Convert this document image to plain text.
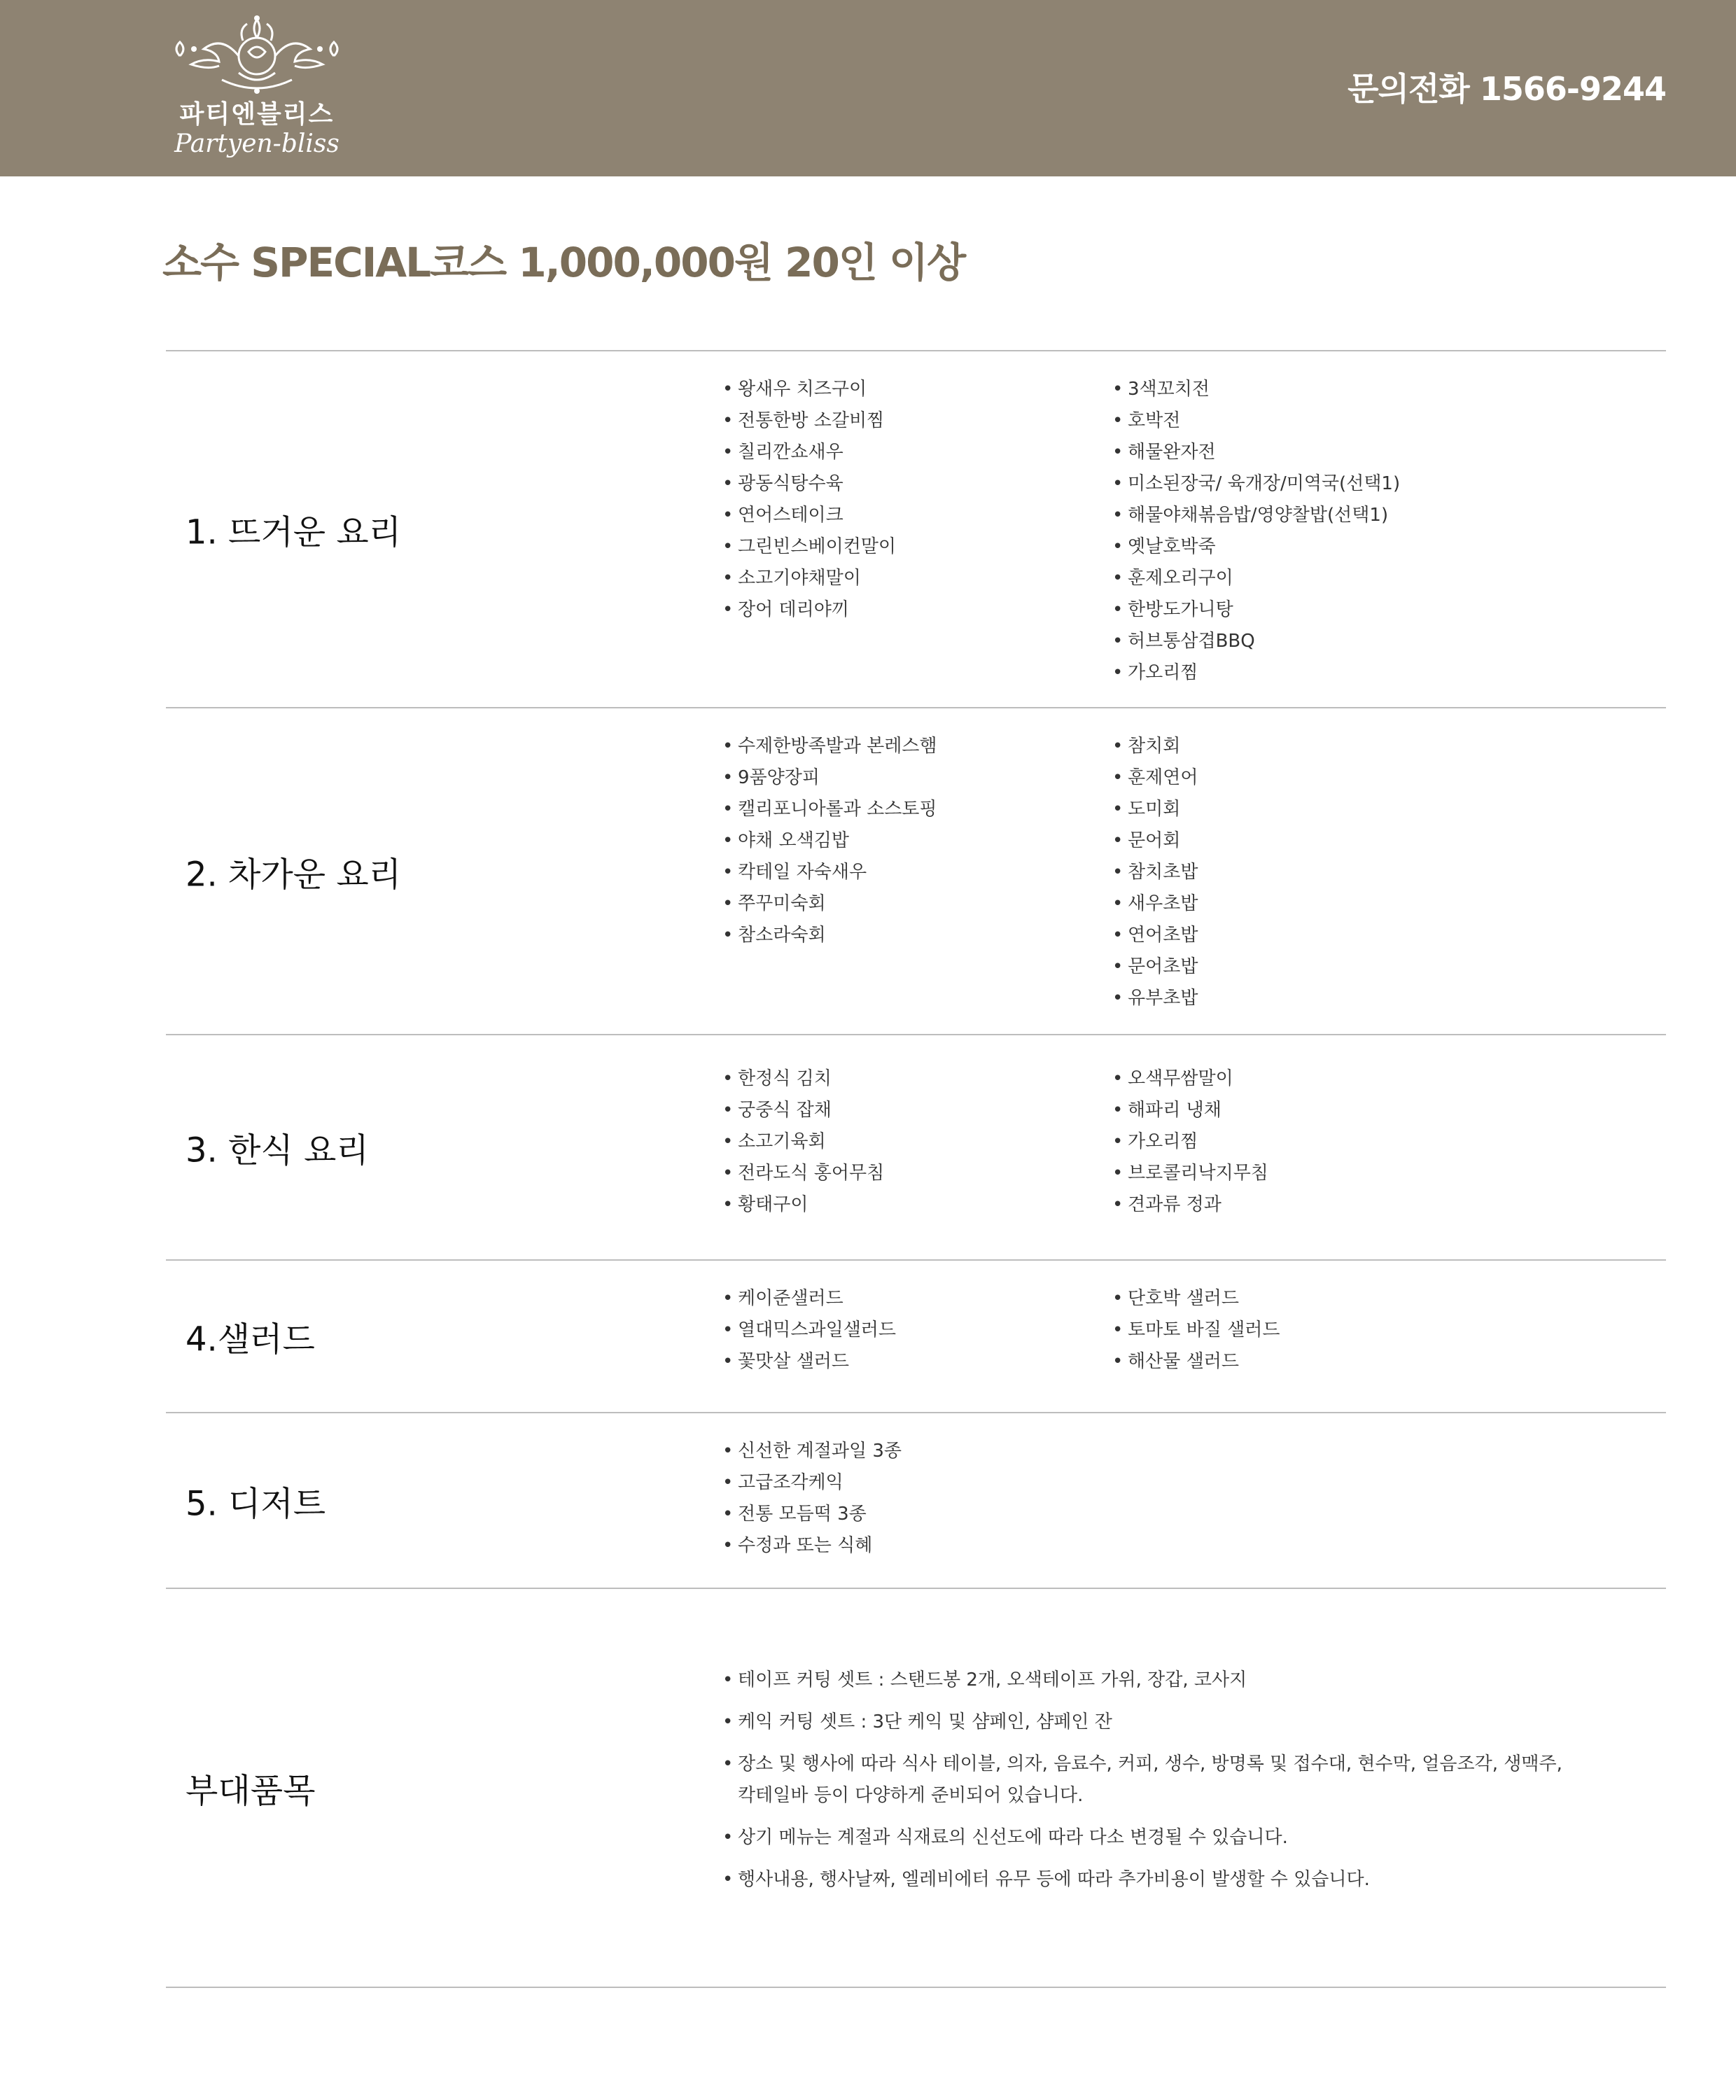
파티엔블리스
Partyen-bliss
문의전화 1566-9244
소수 SPECIAL코스 1,000,000원 20인 이상
1. 뜨거운 요리
• 왕새우 치즈구이
• 전통한방 소갈비찜
• 칠리깐쇼새우
• 광동식탕수육
• 연어스테이크
• 그린빈스베이컨말이
• 소고기야채말이
• 장어 데리야끼
• 3색꼬치전
• 호박전
• 해물완자전
• 미소된장국/ 육개장/미역국(선택1)
• 해물야채볶음밥/영양찰밥(선택1)
• 옛날호박죽
• 훈제오리구이
• 한방도가니탕
• 허브통삼겹BBQ
• 가오리찜
2. 차가운 요리
• 수제한방족발과 본레스햄
• 9품양장피
• 캘리포니아롤과 소스토핑
• 야채 오색김밥
• 칵테일 자숙새우
• 쭈꾸미숙회
• 참소라숙회
• 참치회
• 훈제연어
• 도미회
• 문어회
• 참치초밥
• 새우초밥
• 연어초밥
• 문어초밥
• 유부초밥
3. 한식 요리
• 한정식 김치
• 궁중식 잡채
• 소고기육회
• 전라도식 홍어무침
• 황태구이
• 오색무쌈말이
• 해파리 냉채
• 가오리찜
• 브로콜리낙지무침
• 견과류 정과
4.샐러드
• 케이준샐러드
• 열대믹스과일샐러드
• 꽃맛살 샐러드
• 단호박 샐러드
• 토마토 바질 샐러드
• 해산물 샐러드
5. 디저트
• 신선한 계절과일 3종
• 고급조각케익
• 전통 모듬떡 3종
• 수정과 또는 식혜
부대품목
• 테이프 커팅 셋트 : 스탠드봉 2개, 오색테이프 가위, 장갑, 코사지
• 케익 커팅 셋트 : 3단 케익 및 샴페인, 샴페인 잔
• 장소 및 행사에 따라 식사 테이블, 의자, 음료수, 커피, 생수, 방명록 및 접수대, 현수막, 얼음조각, 생맥주,
칵테일바 등이 다양하게 준비되어 있습니다.
• 상기 메뉴는 계절과 식재료의 신선도에 따라 다소 변경될 수 있습니다.
• 행사내용, 행사날짜, 엘레비에터 유무 등에 따라 추가비용이 발생할 수 있습니다.
